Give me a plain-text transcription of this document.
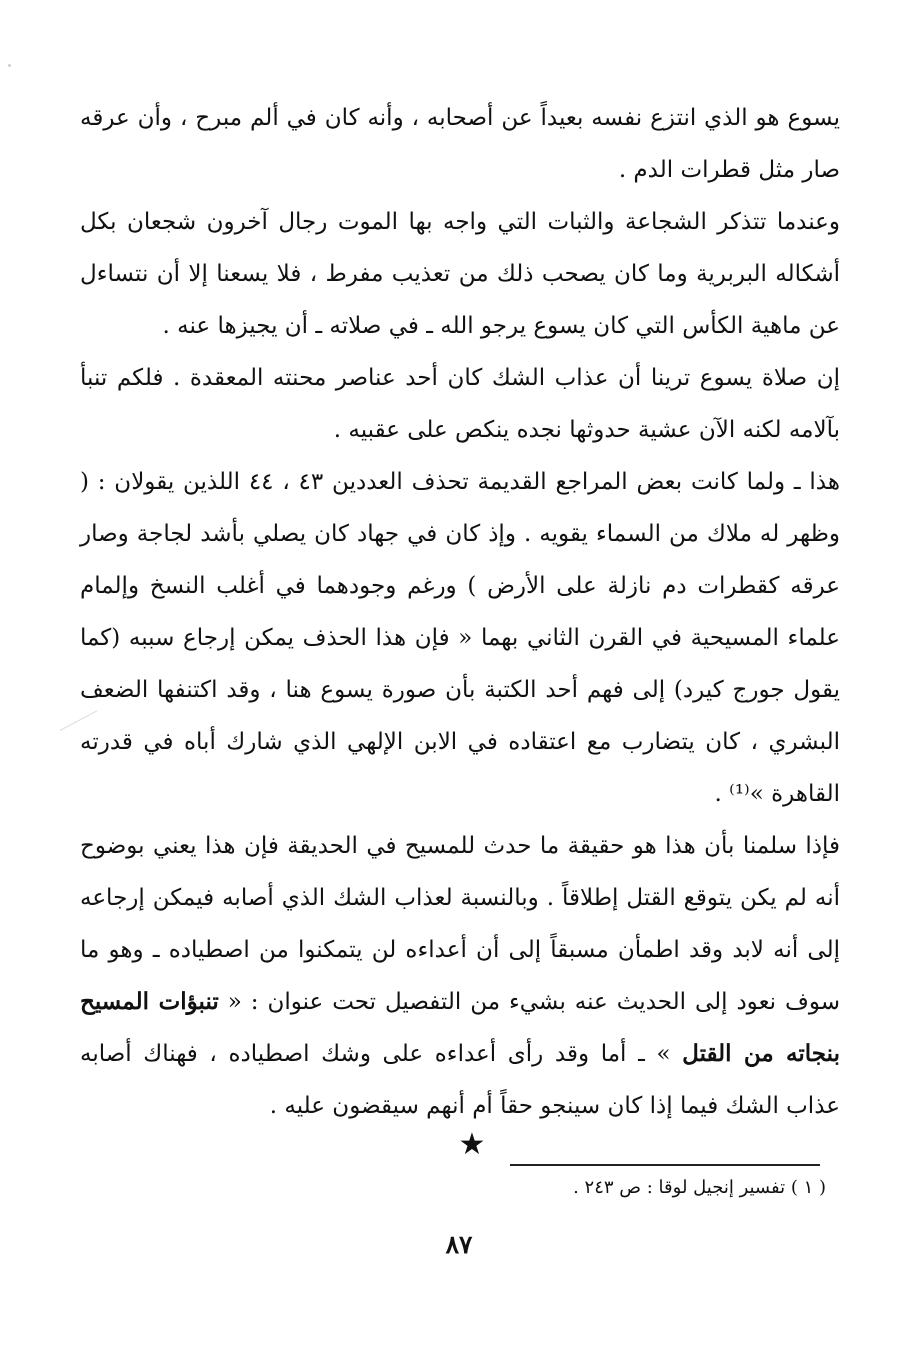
يسوع هو الذي انتزع نفسه بعيداً عن أصحابه ، وأنه كان في ألم مبرح ، وأن عرقه صار مثل قطرات الدم .

وعندما تتذكر الشجاعة والثبات التي واجه بها الموت رجال آخرون شجعان بكل أشكاله البربرية وما كان يصحب ذلك من تعذيب مفرط ، فلا يسعنا إلا أن نتساءل عن ماهية الكأس التي كان يسوع يرجو الله ـ في صلاته ـ أن يجيزها عنه .

إن صلاة يسوع ترينا أن عذاب الشك كان أحد عناصر محنته المعقدة . فلكم تنبأ بآلامه لكنه الآن عشية حدوثها نجده ينكص على عقبيه .

هذا ـ ولما كانت بعض المراجع القديمة تحذف العددين ٤٣ ، ٤٤ اللذين يقولان : ( وظهر له ملاك من السماء يقويه . وإذ كان في جهاد كان يصلي بأشد لجاجة وصار عرقه كقطرات دم نازلة على الأرض ) ورغم وجودهما في أغلب النسخ وإلمام علماء المسيحية في القرن الثاني بهما « فإن هذا الحذف يمكن إرجاع سببه (كما يقول جورج كيرد) إلى فهم أحد الكتبة بأن صورة يسوع هنا ، وقد اكتنفها الضعف البشري ، كان يتضارب مع اعتقاده في الابن الإلهي الذي شارك أباه في قدرته القاهرة »⁽¹⁾ .

فإذا سلمنا بأن هذا هو حقيقة ما حدث للمسيح في الحديقة فإن هذا يعني بوضوح أنه لم يكن يتوقع القتل إطلاقاً . وبالنسبة لعذاب الشك الذي أصابه فيمكن إرجاعه إلى أنه لابد وقد اطمأن مسبقاً إلى أن أعداءه لن يتمكنوا من اصطياده ـ وهو ما سوف نعود إلى الحديث عنه بشيء من التفصيل تحت عنوان : « تنبؤات المسيح بنجاته من القتل » ـ أما وقد رأى أعداءه على وشك اصطياده ، فهناك أصابه عذاب الشك فيما إذا كان سينجو حقاً أم أنهم سيقضون عليه .

★
( ١ ) تفسير إنجيل لوقا : ص ٢٤٣ .
٨٧
